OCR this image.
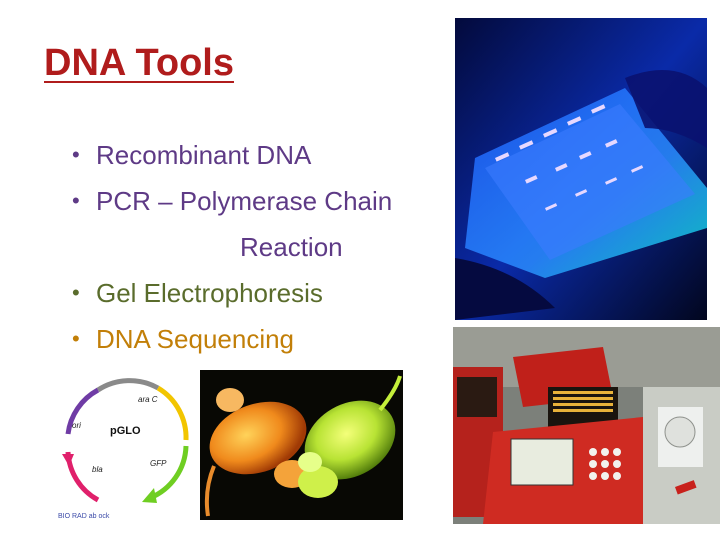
DNA Tools
• Recombinant DNA
• PCR – Polymerase Chain
Reaction
• Gel Electrophoresis
• DNA Sequencing
ara C
ori	pGLO
GFP
bla
BIO RAD ab ock
